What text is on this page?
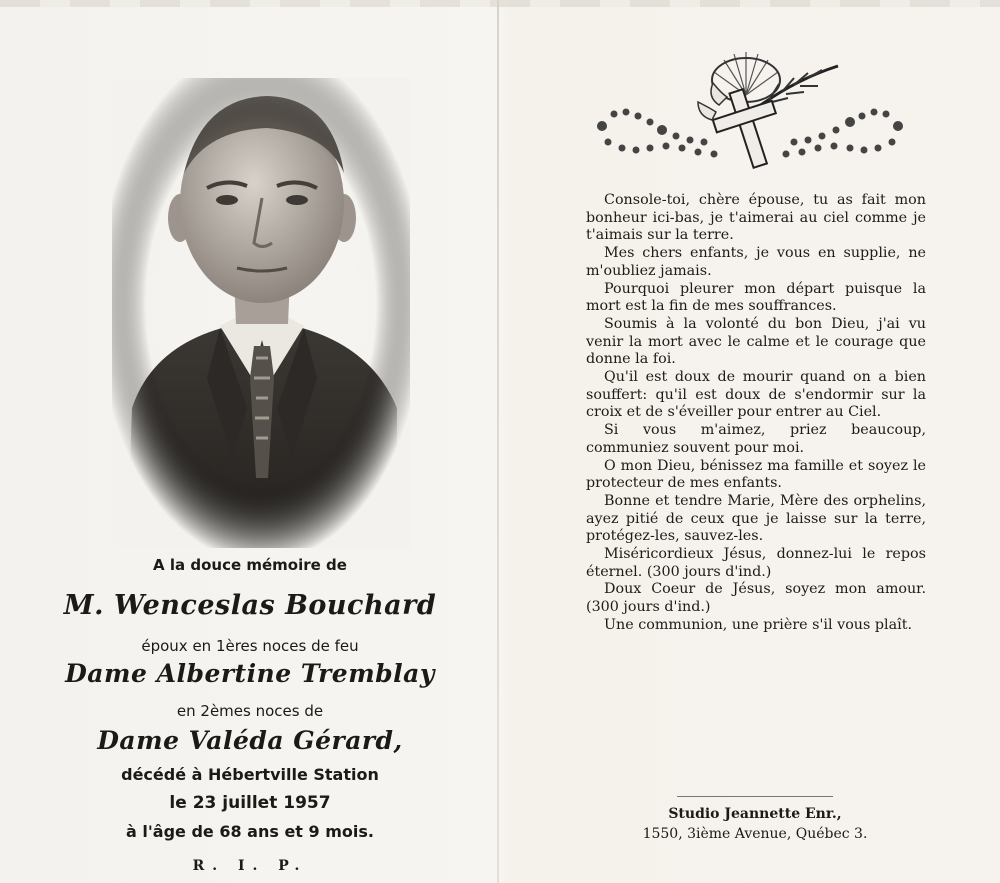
A la douce mémoire de
M. Wenceslas Bouchard
époux en 1ères noces de feu
Dame Albertine Tremblay
en 2èmes noces de
Dame Valéda Gérard,
décédé à Hébertville Station
le 23 juillet 1957
à l'âge de 68 ans et 9 mois.
R. I. P.

Console-toi, chère épouse, tu as fait mon bonheur ici-bas, je t'aimerai au ciel comme je t'aimais sur la terre.

Mes chers enfants, je vous en supplie, ne m'oubliez jamais.

Pourquoi pleurer mon départ puisque la mort est la fin de mes souffrances.

Soumis à la volonté du bon Dieu, j'ai vu venir la mort avec le calme et le courage que donne la foi.

Qu'il est doux de mourir quand on a bien souffert: qu'il est doux de s'endormir sur la croix et de s'éveiller pour entrer au Ciel.

Si vous m'aimez, priez beaucoup, communiez souvent pour moi.

O mon Dieu, bénissez ma famille et soyez le protecteur de mes enfants.

Bonne et tendre Marie, Mère des orphelins, ayez pitié de ceux que je laisse sur la terre, protégez-les, sauvez-les.

Miséricordieux Jésus, donnez-lui le repos éternel. (300 jours d'ind.)

Doux Coeur de Jésus, soyez mon amour. (300 jours d'ind.)

Une communion, une prière s'il vous plaît.

Studio Jeannette Enr.,
1550, 3ième Avenue, Québec 3.
